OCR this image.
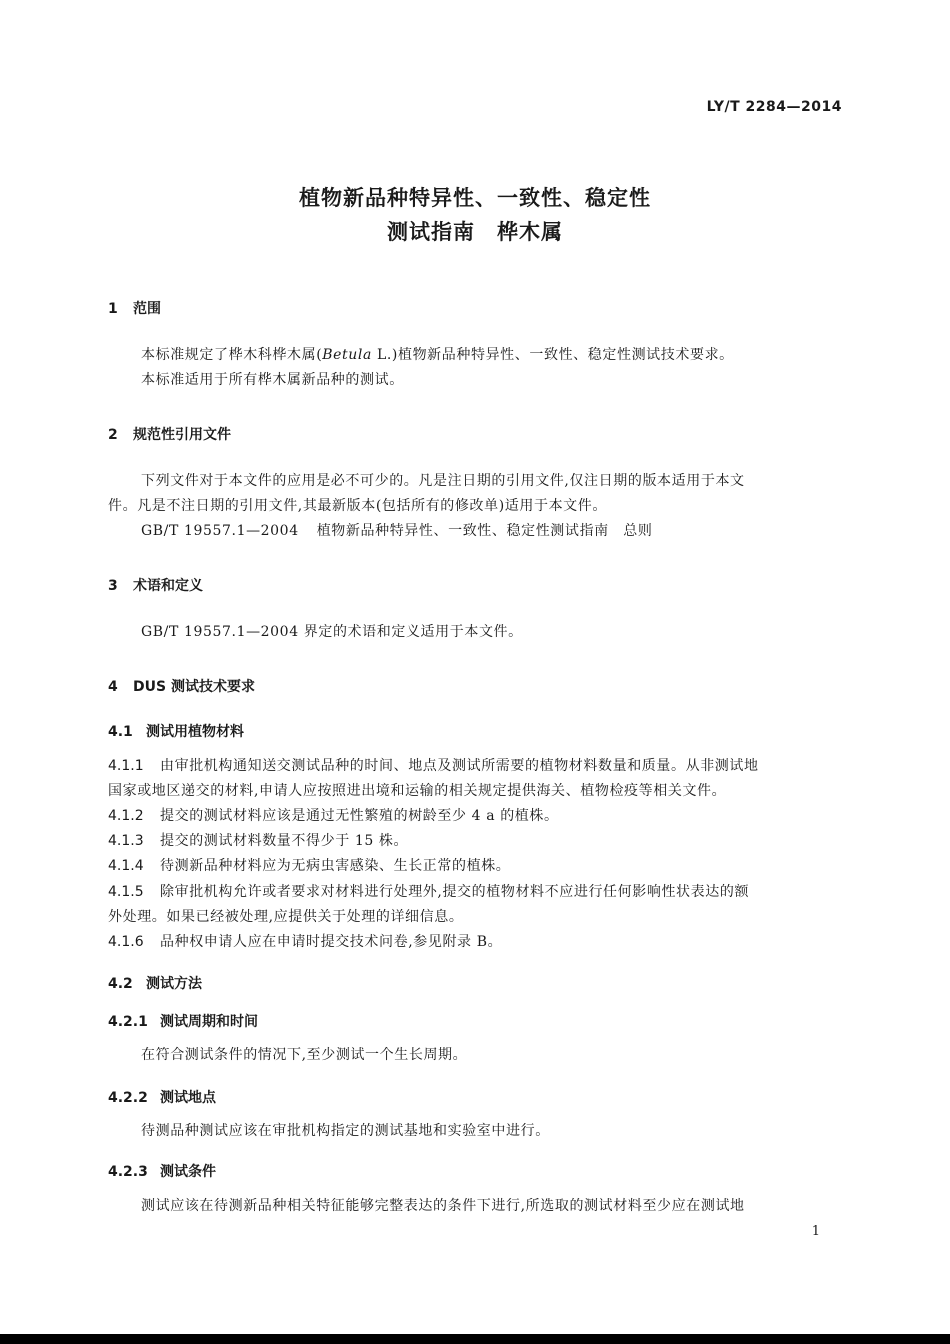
LY/T 2284—2014
植物新品种特异性、一致性、稳定性
测试指南　桦木属
1 范围
本标准规定了桦木科桦木属(Betula L.)植物新品种特异性、一致性、稳定性测试技术要求。
本标准适用于所有桦木属新品种的测试。
2 规范性引用文件
下列文件对于本文件的应用是必不可少的。凡是注日期的引用文件,仅注日期的版本适用于本文
件。凡是不注日期的引用文件,其最新版本(包括所有的修改单)适用于本文件。
GB/T 19557.1—2004 植物新品种特异性、一致性、稳定性测试指南　总则
3 术语和定义
GB/T 19557.1—2004 界定的术语和定义适用于本文件。
4 DUS 测试技术要求
4.1 测试用植物材料
4.1.1 由审批机构通知送交测试品种的时间、地点及测试所需要的植物材料数量和质量。从非测试地
国家或地区递交的材料,申请人应按照进出境和运输的相关规定提供海关、植物检疫等相关文件。
4.1.2 提交的测试材料应该是通过无性繁殖的树龄至少 4 a 的植株。
4.1.3 提交的测试材料数量不得少于 15 株。
4.1.4 待测新品种材料应为无病虫害感染、生长正常的植株。
4.1.5 除审批机构允许或者要求对材料进行处理外,提交的植物材料不应进行任何影响性状表达的额
外处理。如果已经被处理,应提供关于处理的详细信息。
4.1.6 品种权申请人应在申请时提交技术问卷,参见附录 B。
4.2 测试方法
4.2.1 测试周期和时间
在符合测试条件的情况下,至少测试一个生长周期。
4.2.2 测试地点
待测品种测试应该在审批机构指定的测试基地和实验室中进行。
4.2.3 测试条件
测试应该在待测新品种相关特征能够完整表达的条件下进行,所选取的测试材料至少应在测试地
1
